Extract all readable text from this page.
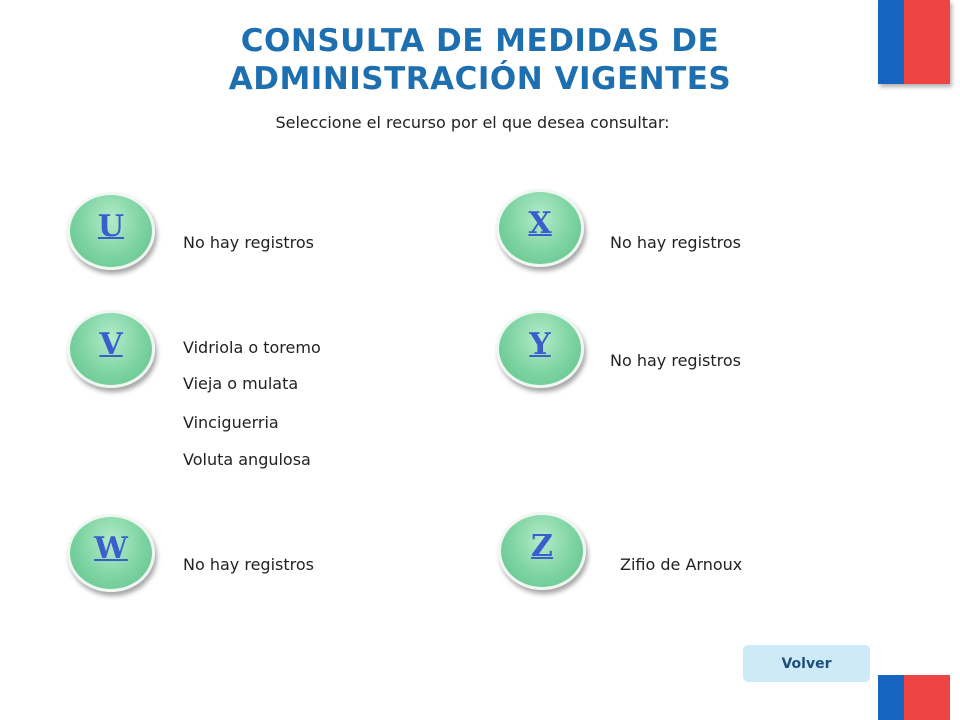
CONSULTA DE MEDIDAS DE
ADMINISTRACIÓN VIGENTES
Seleccione el recurso por el que desea consultar:
U	No hay registros
V	Vidriola o toremo
Vieja o mulata
Vinciguerria
Voluta angulosa
W	No hay registros
X
No hay registros
Y	No hay registros
Z
Zifio de Arnoux
Volver
